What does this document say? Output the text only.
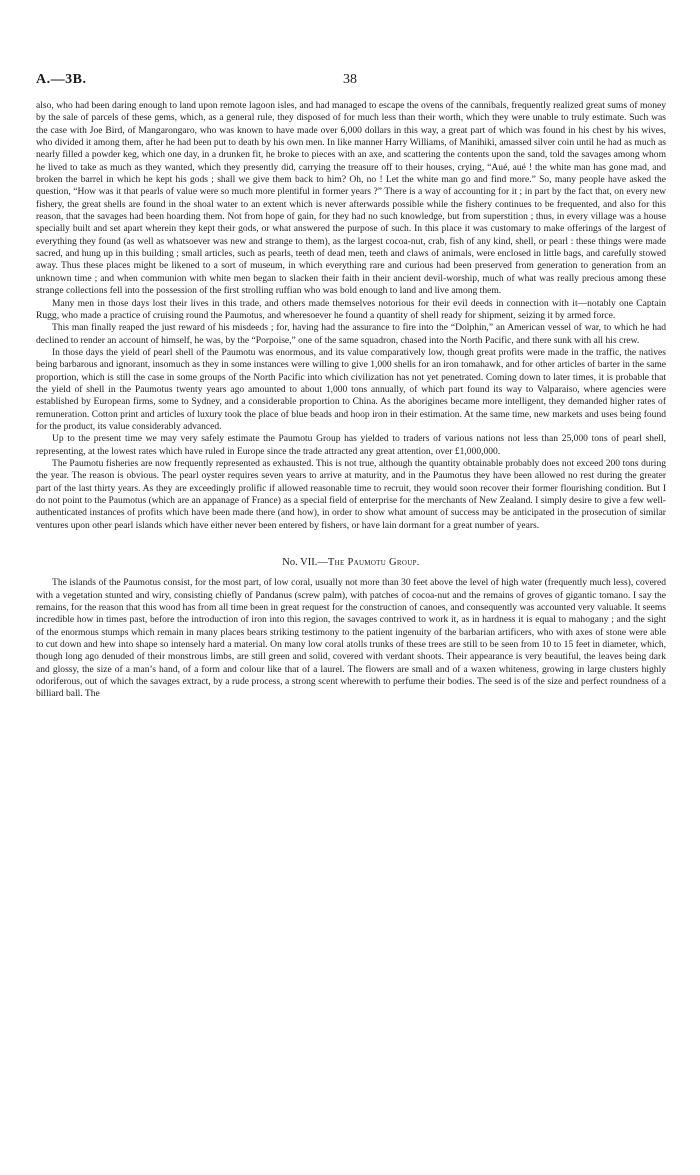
A.—3B.	38

also, who had been daring enough to land upon remote lagoon isles, and had managed to escape the ovens of the cannibals, frequently realized great sums of money by the sale of parcels of these gems, which, as a general rule, they disposed of for much less than their worth, which they were unable to truly estimate. Such was the case with Joe Bird, of Mangarongaro, who was known to have made over 6,000 dollars in this way, a great part of which was found in his chest by his wives, who divided it among them, after he had been put to death by his own men. In like manner Harry Williams, of Manihiki, amassed silver coin until he had as much as nearly filled a powder keg, which one day, in a drunken fit, he broke to pieces with an axe, and scattering the contents upon the sand, told the savages among whom he lived to take as much as they wanted, which they presently did, carrying the treasure off to their houses, crying, “Aué, aué ! the white man has gone mad, and broken the barrel in which he kept his gods ; shall we give them back to him? Oh, no ! Let the white man go and find more.” So, many people have asked the question, “How was it that pearls of value were so much more plentiful in former years ?” There is a way of accounting for it ; in part by the fact that, on every new fishery, the great shells are found in the shoal water to an extent which is never afterwards possible while the fishery continues to be frequented, and also for this reason, that the savages had been hoarding them. Not from hope of gain, for they had no such knowledge, but from superstition ; thus, in every village was a house specially built and set apart wherein they kept their gods, or what answered the purpose of such. In this place it was customary to make offerings of the largest of everything they found (as well as whatsoever was new and strange to them), as the largest cocoa-nut, crab, fish of any kind, shell, or pearl : these things were made sacred, and hung up in this building ; small articles, such as pearls, teeth of dead men, teeth and claws of animals, were enclosed in little bags, and carefully stowed away. Thus these places might be likened to a sort of museum, in which everything rare and curious had been preserved from generation to generation from an unknown time ; and when communion with white men began to slacken their faith in their ancient devil-worship, much of what was really precious among these strange collections fell into the possession of the first strolling ruffian who was bold enough to land and live among them.

Many men in those days lost their lives in this trade, and others made themselves notorious for their evil deeds in connection with it—notably one Captain Rugg, who made a practice of cruising round the Paumotus, and wheresoever he found a quantity of shell ready for shipment, seizing it by armed force.

This man finally reaped the just reward of his misdeeds ; for, having had the assurance to fire into the “Dolphin,” an American vessel of war, to which he had declined to render an account of himself, he was, by the “Porpoise,” one of the same squadron, chased into the North Pacific, and there sunk with all his crew.

In those days the yield of pearl shell of the Paumotu was enormous, and its value comparatively low, though great profits were made in the traffic, the natives being barbarous and ignorant, insomuch as they in some instances were willing to give 1,000 shells for an iron tomahawk, and for other articles of barter in the same proportion, which is still the case in some groups of the North Pacific into which civilization has not yet penetrated. Coming down to later times, it is probable that the yield of shell in the Paumotus twenty years ago amounted to about 1,000 tons annually, of which part found its way to Valparaiso, where agencies were established by European firms, some to Sydney, and a considerable proportion to China. As the aborigines became more intelligent, they demanded higher rates of remuneration. Cotton print and articles of luxury took the place of blue beads and hoop iron in their estimation. At the same time, new markets and uses being found for the product, its value considerably advanced.

Up to the present time we may very safely estimate the Paumotu Group has yielded to traders of various nations not less than 25,000 tons of pearl shell, representing, at the lowest rates which have ruled in Europe since the trade attracted any great attention, over £1,000,000.

The Paumotu fisheries are now frequently represented as exhausted. This is not true, although the quantity obtainable probably does not exceed 200 tons during the year. The reason is obvious. The pearl oyster requires seven years to arrive at maturity, and in the Paumotus they have been allowed no rest during the greater part of the last thirty years. As they are exceedingly prolific if allowed reasonable time to recruit, they would soon recover their former flourishing condition. But I do not point to the Paumotus (which are an appanage of France) as a special field of enterprise for the merchants of New Zealand. I simply desire to give a few well-authenticated instances of profits which have been made there (and how), in order to show what amount of success may be anticipated in the prosecution of similar ventures upon other pearl islands which have either never been entered by fishers, or have lain dormant for a great number of years.

No. VII.—The Paumotu Group.

The islands of the Paumotus consist, for the most part, of low coral, usually not more than 30 feet above the level of high water (frequently much less), covered with a vegetation stunted and wiry, consisting chiefly of Pandanus (screw palm), with patches of cocoa-nut and the remains of groves of gigantic tomano. I say the remains, for the reason that this wood has from all time been in great request for the construction of canoes, and consequently was accounted very valuable. It seems incredible how in times past, before the introduction of iron into this region, the savages contrived to work it, as in hardness it is equal to mahogany ; and the sight of the enormous stumps which remain in many places bears striking testimony to the patient ingenuity of the barbarian artificers, who with axes of stone were able to cut down and hew into shape so intensely hard a material. On many low coral atolls trunks of these trees are still to be seen from 10 to 15 feet in diameter, which, though long ago denuded of their monstrous limbs, are still green and solid, covered with verdant shoots. Their appearance is very beautiful, the leaves being dark and glossy, the size of a man’s hand, of a form and colour like that of a laurel. The flowers are small and of a waxen whiteness, growing in large clusters highly odoriferous, out of which the savages extract, by a rude process, a strong scent wherewith to perfume their bodies. The seed is of the size and perfect roundness of a billiard ball. The
